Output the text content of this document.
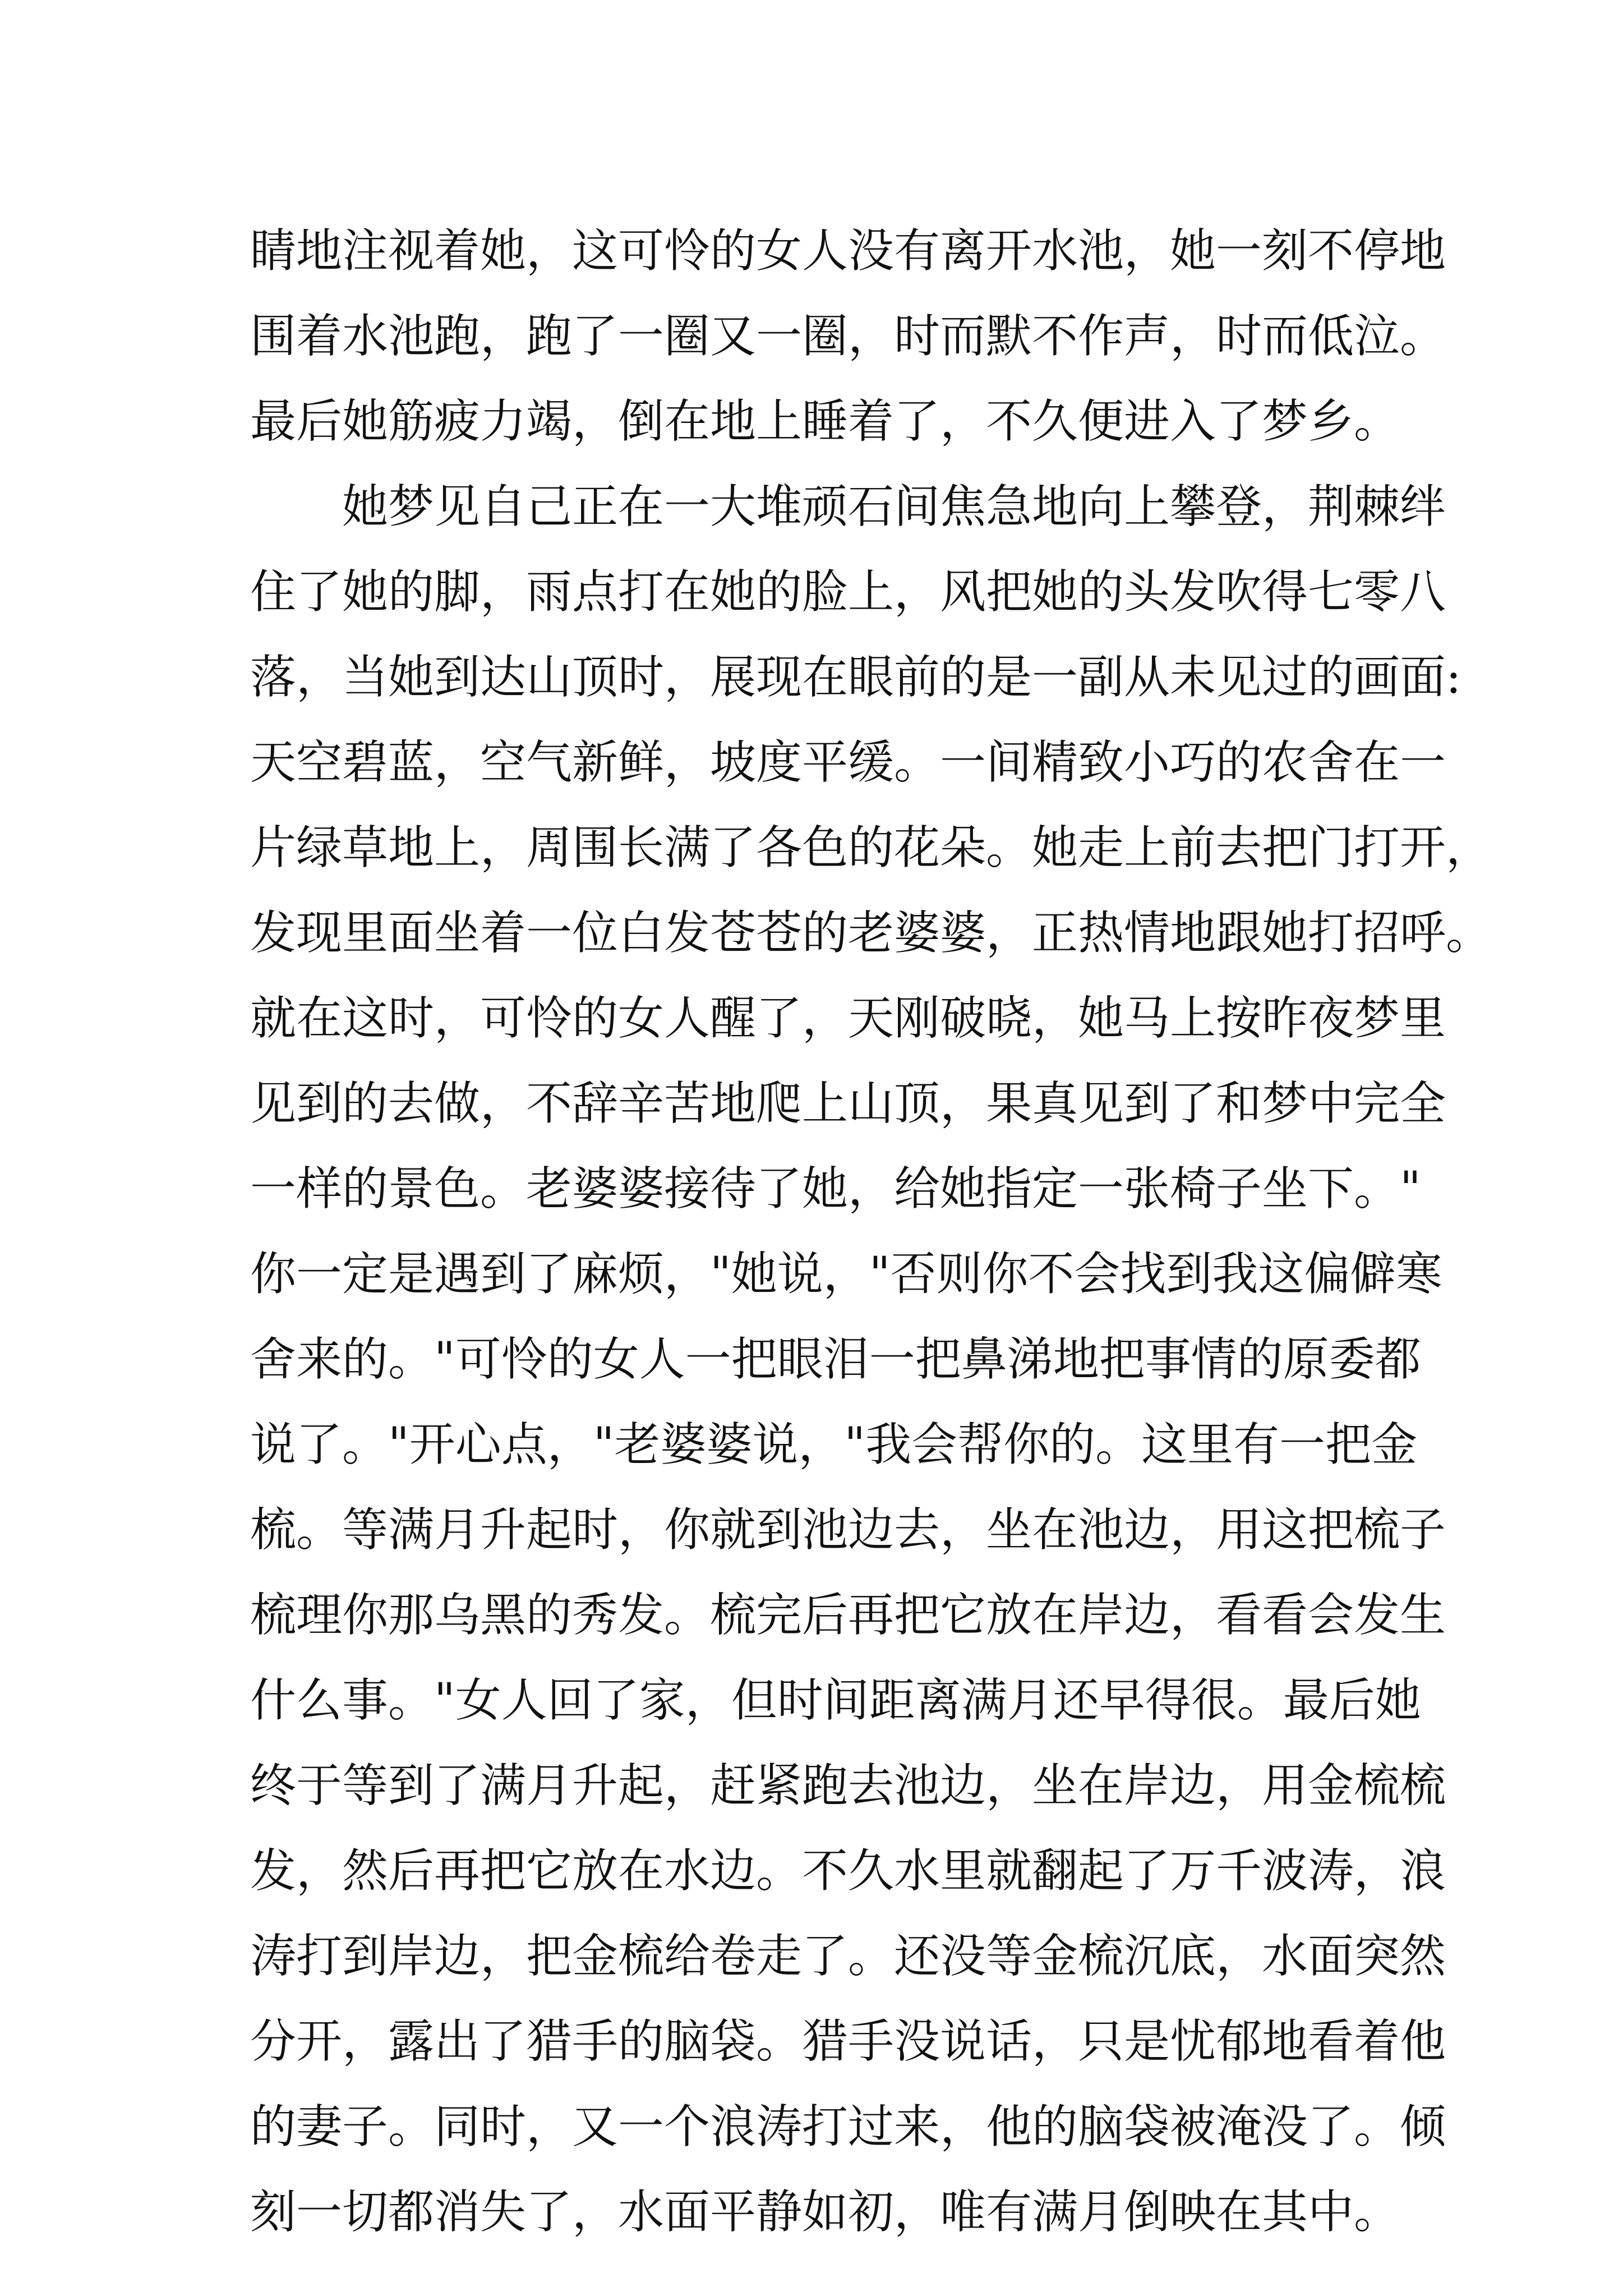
睛地注视着她，这可怜的女人没有离开水池，她一刻不停地
围着水池跑，跑了一圈又一圈，时而默不作声，时而低泣。
最后她筋疲力竭，倒在地上睡着了，不久便进入了梦乡。
她梦见自己正在一大堆顽石间焦急地向上攀登，荆棘绊
住了她的脚，雨点打在她的脸上，风把她的头发吹得七零八
落，当她到达山顶时，展现在眼前的是一副从未见过的画面:
天空碧蓝，空气新鲜，坡度平缓。一间精致小巧的农舍在一
片绿草地上，周围长满了各色的花朵。她走上前去把门打开，
发现里面坐着一位白发苍苍的老婆婆，正热情地跟她打招呼。
就在这时，可怜的女人醒了，天刚破晓，她马上按昨夜梦里
见到的去做，不辞辛苦地爬上山顶，果真见到了和梦中完全
一样的景色。老婆婆接待了她，给她指定一张椅子坐下。"
你一定是遇到了麻烦，"她说，"否则你不会找到我这偏僻寒
舍来的。"可怜的女人一把眼泪一把鼻涕地把事情的原委都
说了。"开心点，"老婆婆说，"我会帮你的。这里有一把金
梳。等满月升起时，你就到池边去，坐在池边，用这把梳子
梳理你那乌黑的秀发。梳完后再把它放在岸边，看看会发生
什么事。"女人回了家，但时间距离满月还早得很。最后她
终于等到了满月升起，赶紧跑去池边，坐在岸边，用金梳梳
发，然后再把它放在水边。不久水里就翻起了万千波涛，浪
涛打到岸边，把金梳给卷走了。还没等金梳沉底，水面突然
分开，露出了猎手的脑袋。猎手没说话，只是忧郁地看着他
的妻子。同时，又一个浪涛打过来，他的脑袋被淹没了。倾
刻一切都消失了，水面平静如初，唯有满月倒映在其中。
